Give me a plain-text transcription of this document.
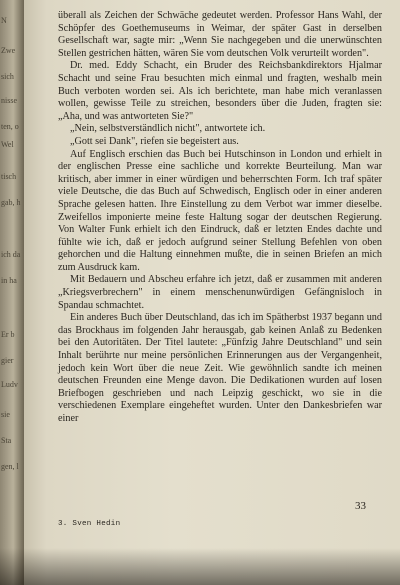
N
Zwe
sich
nisse
ten, o
Wel
tisch
gab, h
ich da
in ha
Er b
gier
Ludv
sie
Sta
gen, l

überall als Zeichen der Schwäche gedeutet werden. Professor Hans Wahl, der Schöpfer des Goethemuseums in Weimar, der später Gast in derselben Gesellschaft war, sagte mir: „Wenn Sie nachgegeben und die unerwünschten Stellen gestrichen hätten, wären Sie vom deutschen Volk verurteilt worden".

Dr. med. Eddy Schacht, ein Bruder des Reichsbankdirektors Hjalmar Schacht und seine Frau besuchten mich einmal und fragten, weshalb mein Buch verboten worden sei. Als ich berichtete, man habe mich veranlassen wollen, gewisse Teile zu streichen, besonders über die Juden, fragten sie: „Aha, und was antworteten Sie?"

„Nein, selbstverständlich nicht", antwortete ich.

„Gott sei Dank", riefen sie begeistert aus.

Auf Englisch erschien das Buch bei Hutschinson in London und erhielt in der englischen Presse eine sachliche und korrekte Beurteilung. Man war kritisch, aber immer in einer würdigen und beherrschten Form. Ich traf später viele Deutsche, die das Buch auf Schwedisch, Englisch oder in einer anderen Sprache gelesen hatten. Ihre Einstellung zu dem Verbot war immer dieselbe. Zweifellos imponierte meine feste Haltung sogar der deutschen Regierung. Von Walter Funk erhielt ich den Eindruck, daß er letzten Endes dachte und fühlte wie ich, daß er jedoch aufgrund seiner Stellung Befehlen von oben gehorchen und die Haltung einnehmen mußte, die in seinen Briefen an mich zum Ausdruck kam.

Mit Bedauern und Abscheu erfahre ich jetzt, daß er zusammen mit anderen „Kriegsverbrechern" in einem menschenunwürdigen Gefängnisloch in Spandau schmachtet.

Ein anderes Buch über Deutschland, das ich im Spätherbst 1937 begann und das Brockhaus im folgenden Jahr herausgab, gab keinen Anlaß zu Bedenken bei den Autoritäten. Der Titel lautete: „Fünfzig Jahre Deutschland" und sein Inhalt berührte nur meine persönlichen Erinnerungen aus der Vergangenheit, jedoch kein Wort über die neue Zeit. Wie gewöhnlich sandte ich meinen deutschen Freunden eine Menge davon. Die Dedikationen wurden auf losen Briefbogen geschrieben und nach Leipzig geschickt, wo sie in die verschiedenen Exemplare eingeheftet wurden. Unter den Dankesbriefen war einer

33
3. Sven Hedin
